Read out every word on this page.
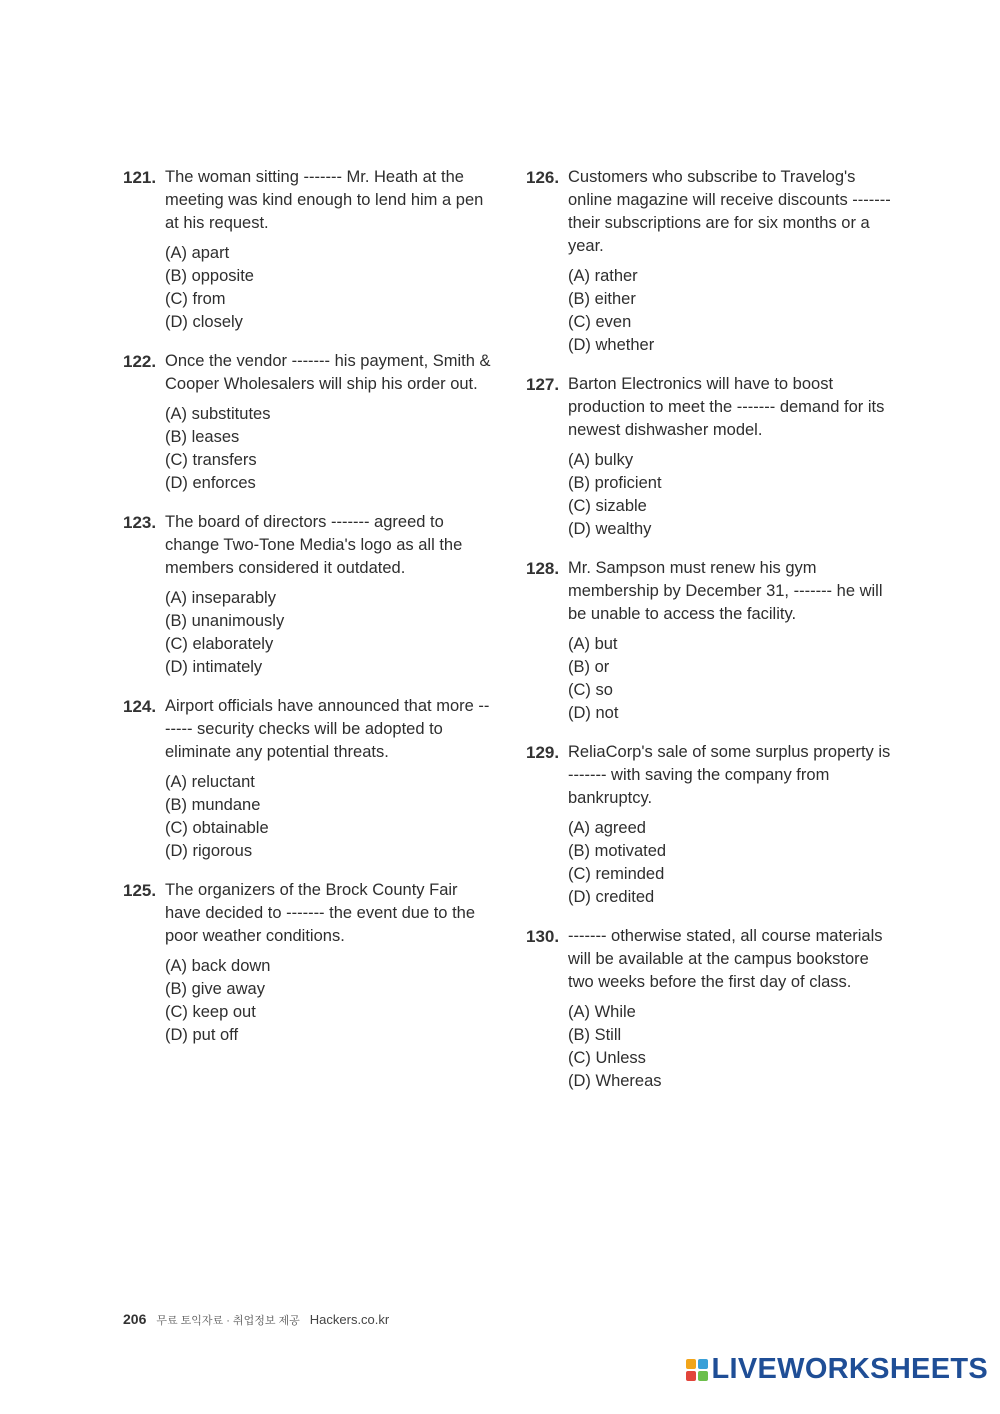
121. The woman sitting ------- Mr. Heath at the meeting was kind enough to lend him a pen at his request.

(A) apart
(B) opposite
(C) from
(D) closely
122. Once the vendor ------- his payment, Smith & Cooper Wholesalers will ship his order out.

(A) substitutes
(B) leases
(C) transfers
(D) enforces
123. The board of directors ------- agreed to change Two-Tone Media's logo as all the members considered it outdated.

(A) inseparably
(B) unanimously
(C) elaborately
(D) intimately
124. Airport officials have announced that more ------- security checks will be adopted to eliminate any potential threats.

(A) reluctant
(B) mundane
(C) obtainable
(D) rigorous
125. The organizers of the Brock County Fair have decided to ------- the event due to the poor weather conditions.

(A) back down
(B) give away
(C) keep out
(D) put off
126. Customers who subscribe to Travelog's online magazine will receive discounts ------- their subscriptions are for six months or a year.

(A) rather
(B) either
(C) even
(D) whether
127. Barton Electronics will have to boost production to meet the ------- demand for its newest dishwasher model.

(A) bulky
(B) proficient
(C) sizable
(D) wealthy
128. Mr. Sampson must renew his gym membership by December 31, ------- he will be unable to access the facility.

(A) but
(B) or
(C) so
(D) not
129. ReliaCorp's sale of some surplus property is ------- with saving the company from bankruptcy.

(A) agreed
(B) motivated
(C) reminded
(D) credited
130. ------- otherwise stated, all course materials will be available at the campus bookstore two weeks before the first day of class.

(A) While
(B) Still
(C) Unless
(D) Whereas
206 무료 토익자료 · 취업정보 제공 Hackers.co.kr
LIVEWORKSHEETS
